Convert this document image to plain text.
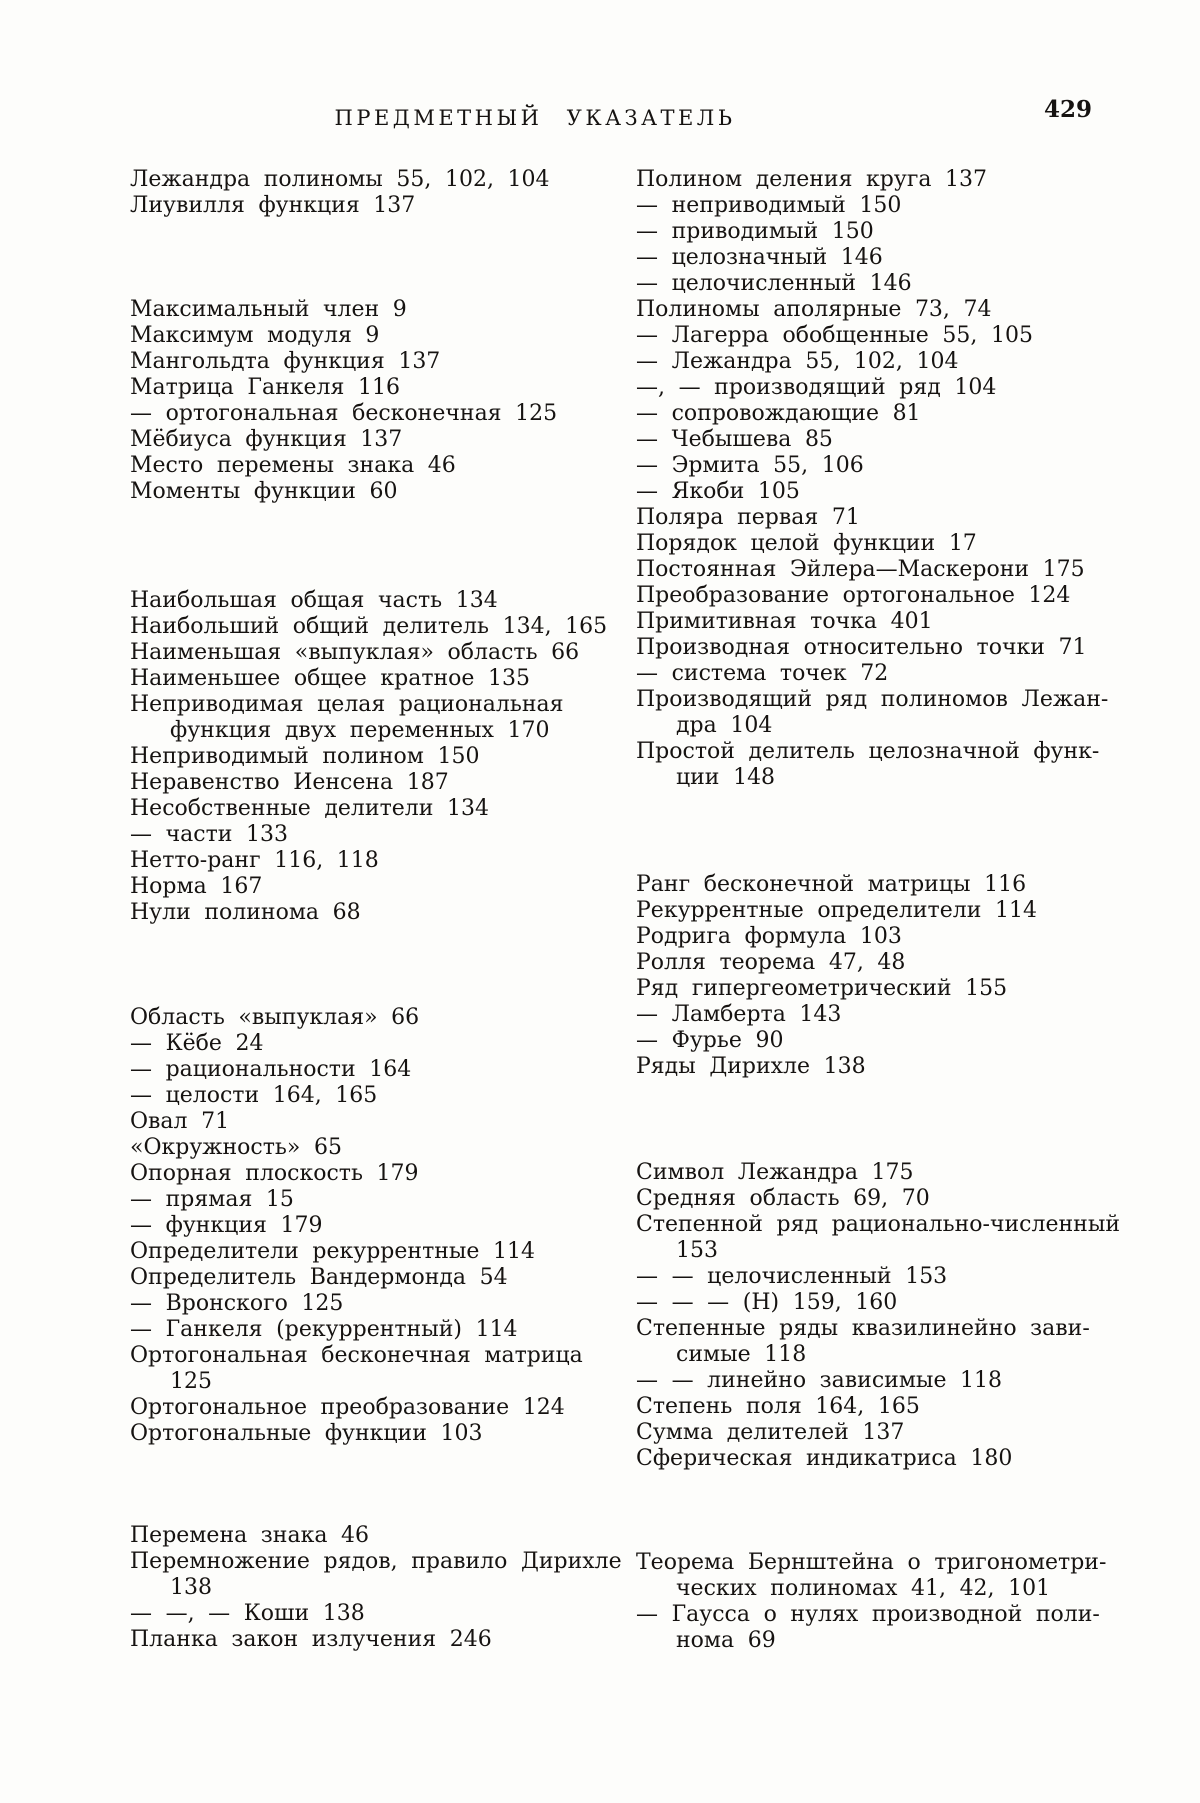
ПРЕДМЕТНЫЙ УКАЗАТЕЛЬ	429
Лежандра полиномы 55, 102, 104
Лиувилля функция 137
Максимальный член 9
Максимум модуля 9
Мангольдта функция 137
Матрица Ганкеля 116
— ортогональная бесконечная 125
Мёбиуса функция 137
Место перемены знака 46
Моменты функции 60
Наибольшая общая часть 134
Наибольший общий делитель 134, 165
Наименьшая «выпуклая» область 66
Наименьшее общее кратное 135
Неприводимая целая рациональная
функция двух переменных 170
Неприводимый полином 150
Неравенство Иенсена 187
Несобственные делители 134
— части 133
Нетто-ранг 116, 118
Норма 167
Нули полинома 68
Область «выпуклая» 66
— Кёбе 24
— рациональности 164
— целости 164, 165
Овал 71
«Окружность» 65
Опорная плоскость 179
— прямая 15
— функция 179
Определители рекуррентные 114
Определитель Вандермонда 54
— Вронского 125
— Ганкеля (рекуррентный) 114
Ортогональная бесконечная матрица
125
Ортогональное преобразование 124
Ортогональные функции 103
Перемена знака 46
Перемножение рядов, правило Дирихле
138
— —, — Коши 138
Планка закон излучения 246
Полином деления круга 137
— неприводимый 150
— приводимый 150
— целозначный 146
— целочисленный 146
Полиномы аполярные 73, 74
— Лагерра обобщенные 55, 105
— Лежандра 55, 102, 104
—, — производящий ряд 104
— сопровождающие 81
— Чебышева 85
— Эрмита 55, 106
— Якоби 105
Поляра первая 71
Порядок целой функции 17
Постоянная Эйлера—Маскерони 175
Преобразование ортогональное 124
Примитивная точка 401
Производная относительно точки 71
— система точек 72
Производящий ряд полиномов Лежан-
дра 104
Простой делитель целозначной функ-
ции 148
Ранг бесконечной матрицы 116
Рекуррентные определители 114
Родрига формула 103
Ролля теорема 47, 48
Ряд гипергеометрический 155
— Ламберта 143
— Фурье 90
Ряды Дирихле 138
Символ Лежандра 175
Средняя область 69, 70
Степенной ряд рационально-численный
153
— — целочисленный 153
— — — (H) 159, 160
Степенные ряды квазилинейно зави-
симые 118
— — линейно зависимые 118
Степень поля 164, 165
Сумма делителей 137
Сферическая индикатриса 180
Теорема Бернштейна о тригонометри-
ческих полиномах 41, 42, 101
— Гаусса о нулях производной поли-
нома 69
